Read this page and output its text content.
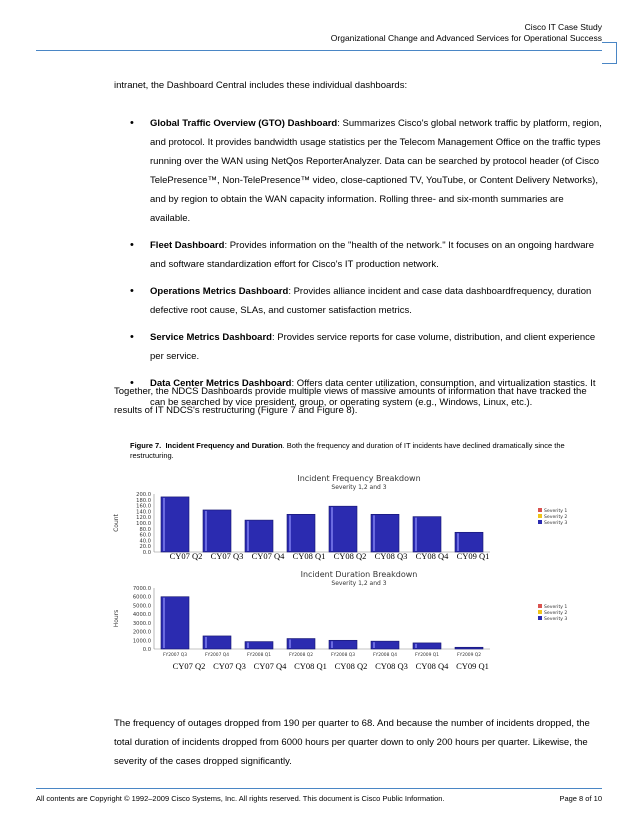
Cisco IT Case Study
Organizational Change and Advanced Services for Operational Success
intranet, the Dashboard Central includes these individual dashboards:
• Global Traffic Overview (GTO) Dashboard: Summarizes Cisco's global network traffic by platform, region, and protocol. It provides bandwidth usage statistics per the Telecom Management Office on the traffic types running over the WAN using NetQos ReporterAnalyzer. Data can be searched by protocol header (of Cisco TelePresence™, Non-TelePresence™ video, close-captioned TV, YouTube, or Content Delivery Networks), and by region to obtain the WAN capacity information. Rolling three- and six-month summaries are available.
• Fleet Dashboard: Provides information on the "health of the network." It focuses on an ongoing hardware and software standardization effort for Cisco's IT production network.
• Operations Metrics Dashboard: Provides alliance incident and case data dashboardfrequency, duration defective root cause, SLAs, and customer satisfaction metrics.
• Service Metrics Dashboard: Provides service reports for case volume, distribution, and client experience per service.
• Data Center Metrics Dashboard: Offers data center utilization, consumption, and virtualization stastics. It can be searched by vice president, group, or operating system (e.g., Windows, Linux, etc.).
Together, the NDCS Dashboards provide multiple views of massive amounts of information that have tracked the results of IT NDCS's restructuring (Figure 7 and Figure 8).
Figure 7. Incident Frequency and Duration. Both the frequency and duration of IT incidents have declined dramatically since the restructuring.
Incident Frequency Breakdown
Severity 1,2 and 3
200.0
180.0
160.0
140.0
120.0
100.0
80.0
60.0
40.0
20.0
0.0
Count
Severity 1
Severity 2
Severity 3
CY07 Q2 CY07 Q3 CY07 Q4 CY08 Q1 CY08 Q2 CY08 Q3 CY08 Q4 CY09 Q1
Incident Duration Breakdown
Severity 1,2 and 3
7000.0
6000.0
5000.0
4000.0
3000.0
2000.0
1000.0
0.0
Hours
FY2007 Q3	FY2007 Q4	FY2008 Q1	FY2008 Q2	FY2008 Q3	FY2008 Q4	FY2009 Q1	FY2009 Q2
Severity 1
Severity 2
Severity 3
CY07 Q2 CY07 Q3 CY07 Q4 CY08 Q1 CY08 Q2 CY08 Q3 CY08 Q4 CY09 Q1
The frequency of outages dropped from 190 per quarter to 68. And because the number of incidents dropped, the total duration of incidents dropped from 6000 hours per quarter down to only 200 hours per quarter. Likewise, the severity of the cases dropped significantly.
All contents are Copyright © 1992–2009 Cisco Systems, Inc. All rights reserved. This document is Cisco Public Information.	Page 8 of 10
